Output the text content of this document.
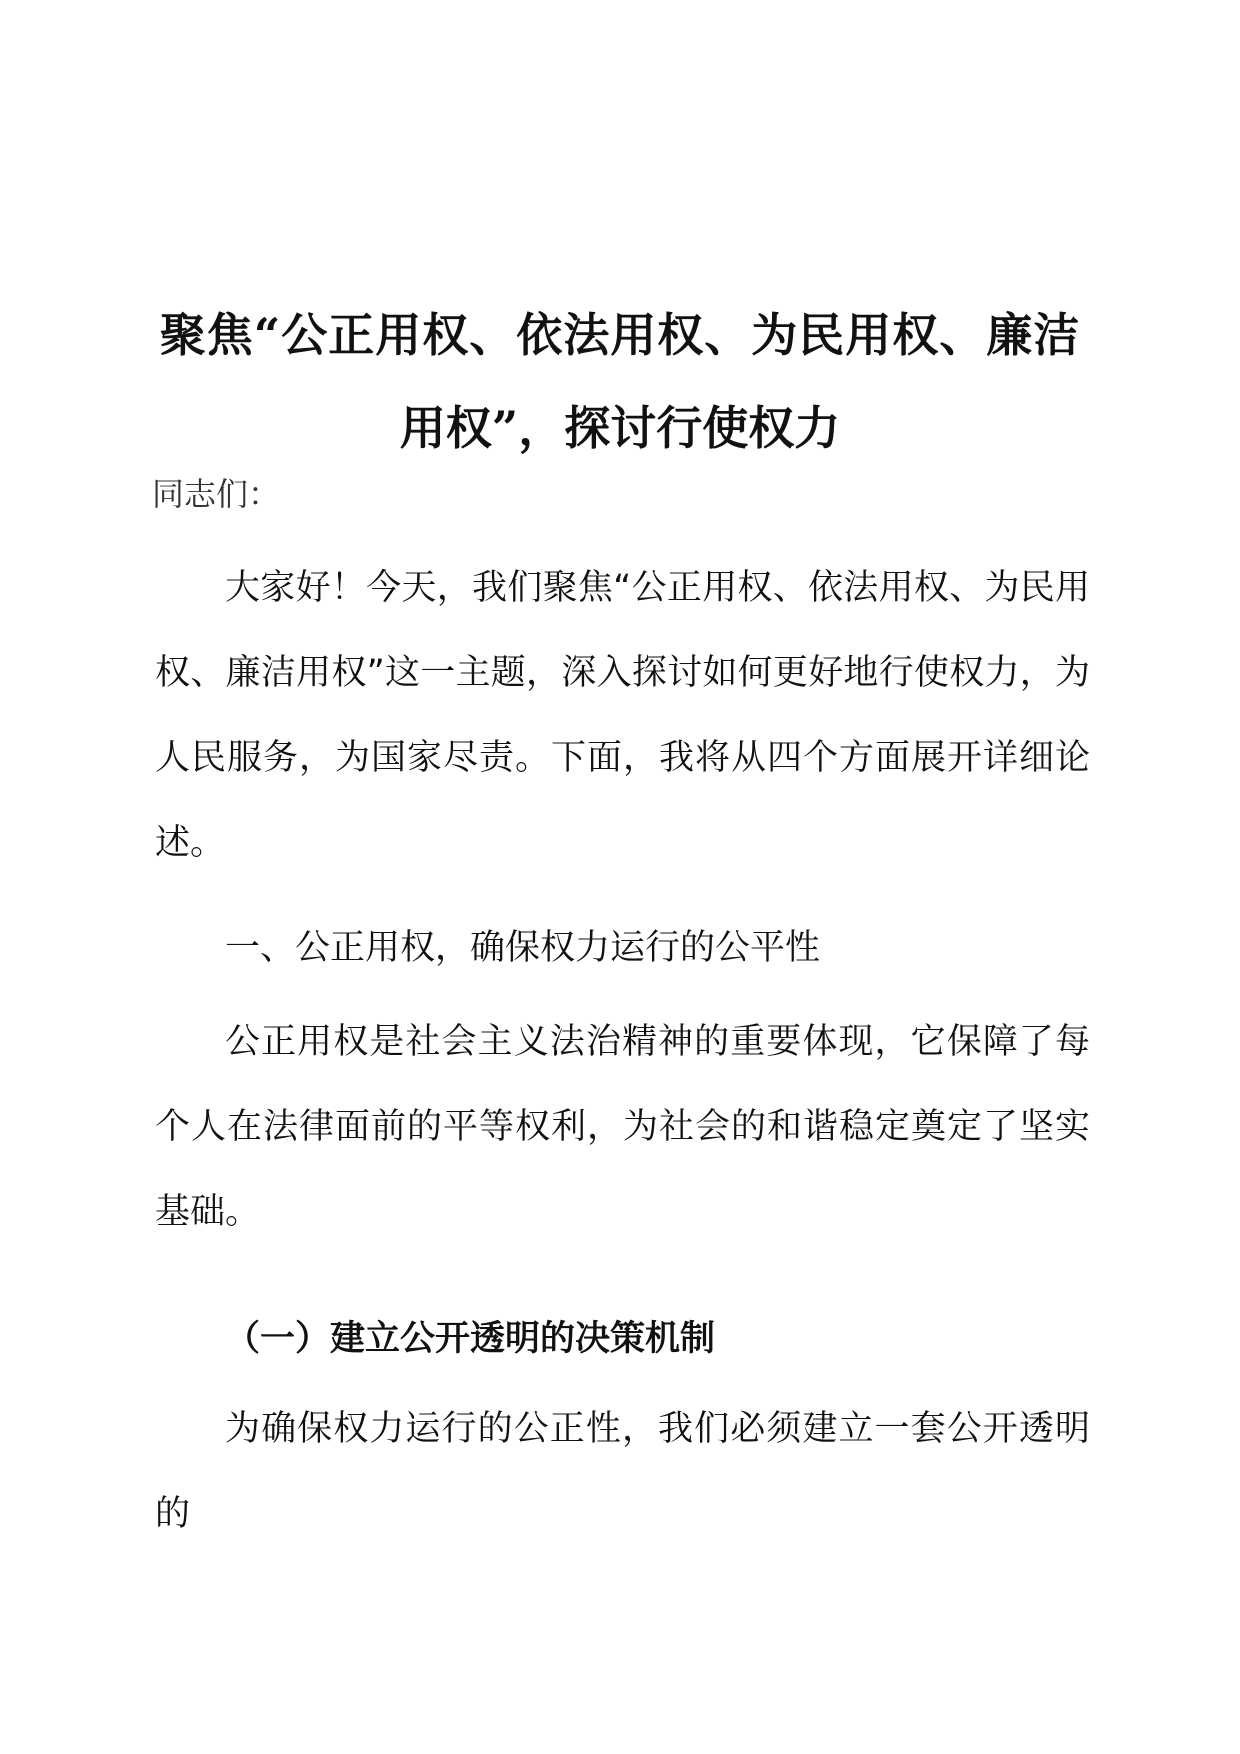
聚焦“公正用权、依法用权、为民用权、廉洁
用权”，探讨行使权力

同志们：

大家好！今天，我们聚焦“公正用权、依法用权、为民用权、廉洁用权”这一主题，深入探讨如何更好地行使权力，为人民服务，为国家尽责。下面，我将从四个方面展开详细论述。

一、公正用权，确保权力运行的公平性

公正用权是社会主义法治精神的重要体现，它保障了每个人在法律面前的平等权利，为社会的和谐稳定奠定了坚实基础。

（一）建立公开透明的决策机制

为确保权力运行的公正性，我们必须建立一套公开透明的
